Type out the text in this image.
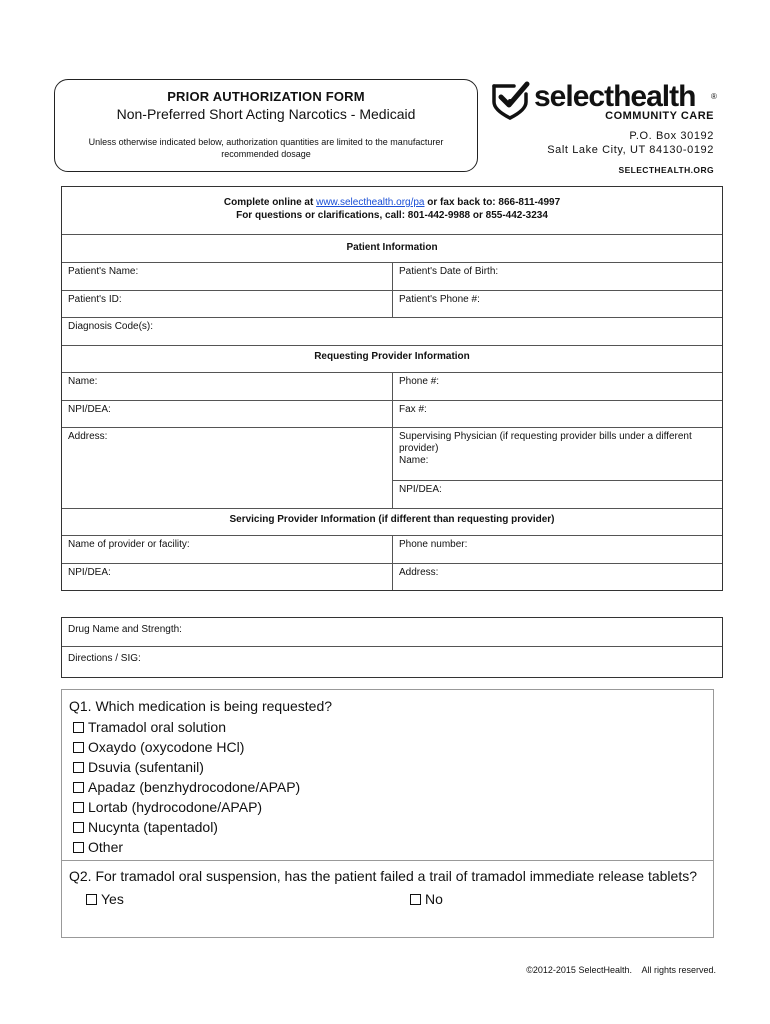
PRIOR AUTHORIZATION FORM
Non-Preferred Short Acting Narcotics - Medicaid
Unless otherwise indicated below, authorization quantities are limited to the manufacturer recommended dosage
selecthealth ®
COMMUNITY CARE
P.O. Box 30192
Salt Lake City, UT 84130-0192
SELECTHEALTH.ORG
Complete online at www.selecthealth.org/pa or fax back to: 866-811-4997
For questions or clarifications, call: 801-442-9988 or 855-442-3234
Patient Information
Patient's Name:	Patient's Date of Birth:
Patient's ID:	Patient's Phone #:
Diagnosis Code(s):
Requesting Provider Information
Name:	Phone #:
NPI/DEA:	Fax #:
Address:	Supervising Physician (if requesting provider bills under a different provider)
Name:
NPI/DEA:
Servicing Provider Information (if different than requesting provider)
Name of provider or facility:	Phone number:
NPI/DEA:	Address:
Drug Name and Strength:
Directions / SIG:
Q1. Which medication is being requested?
Tramadol oral solution
Oxaydo (oxycodone HCl)
Dsuvia (sufentanil)
Apadaz (benzhydrocodone/APAP)
Lortab (hydrocodone/APAP)
Nucynta (tapentadol)
Other
Q2. For tramadol oral suspension, has the patient failed a trail of tramadol immediate release tablets?
Yes	No
©2012-2015 SelectHealth.    All rights reserved.
